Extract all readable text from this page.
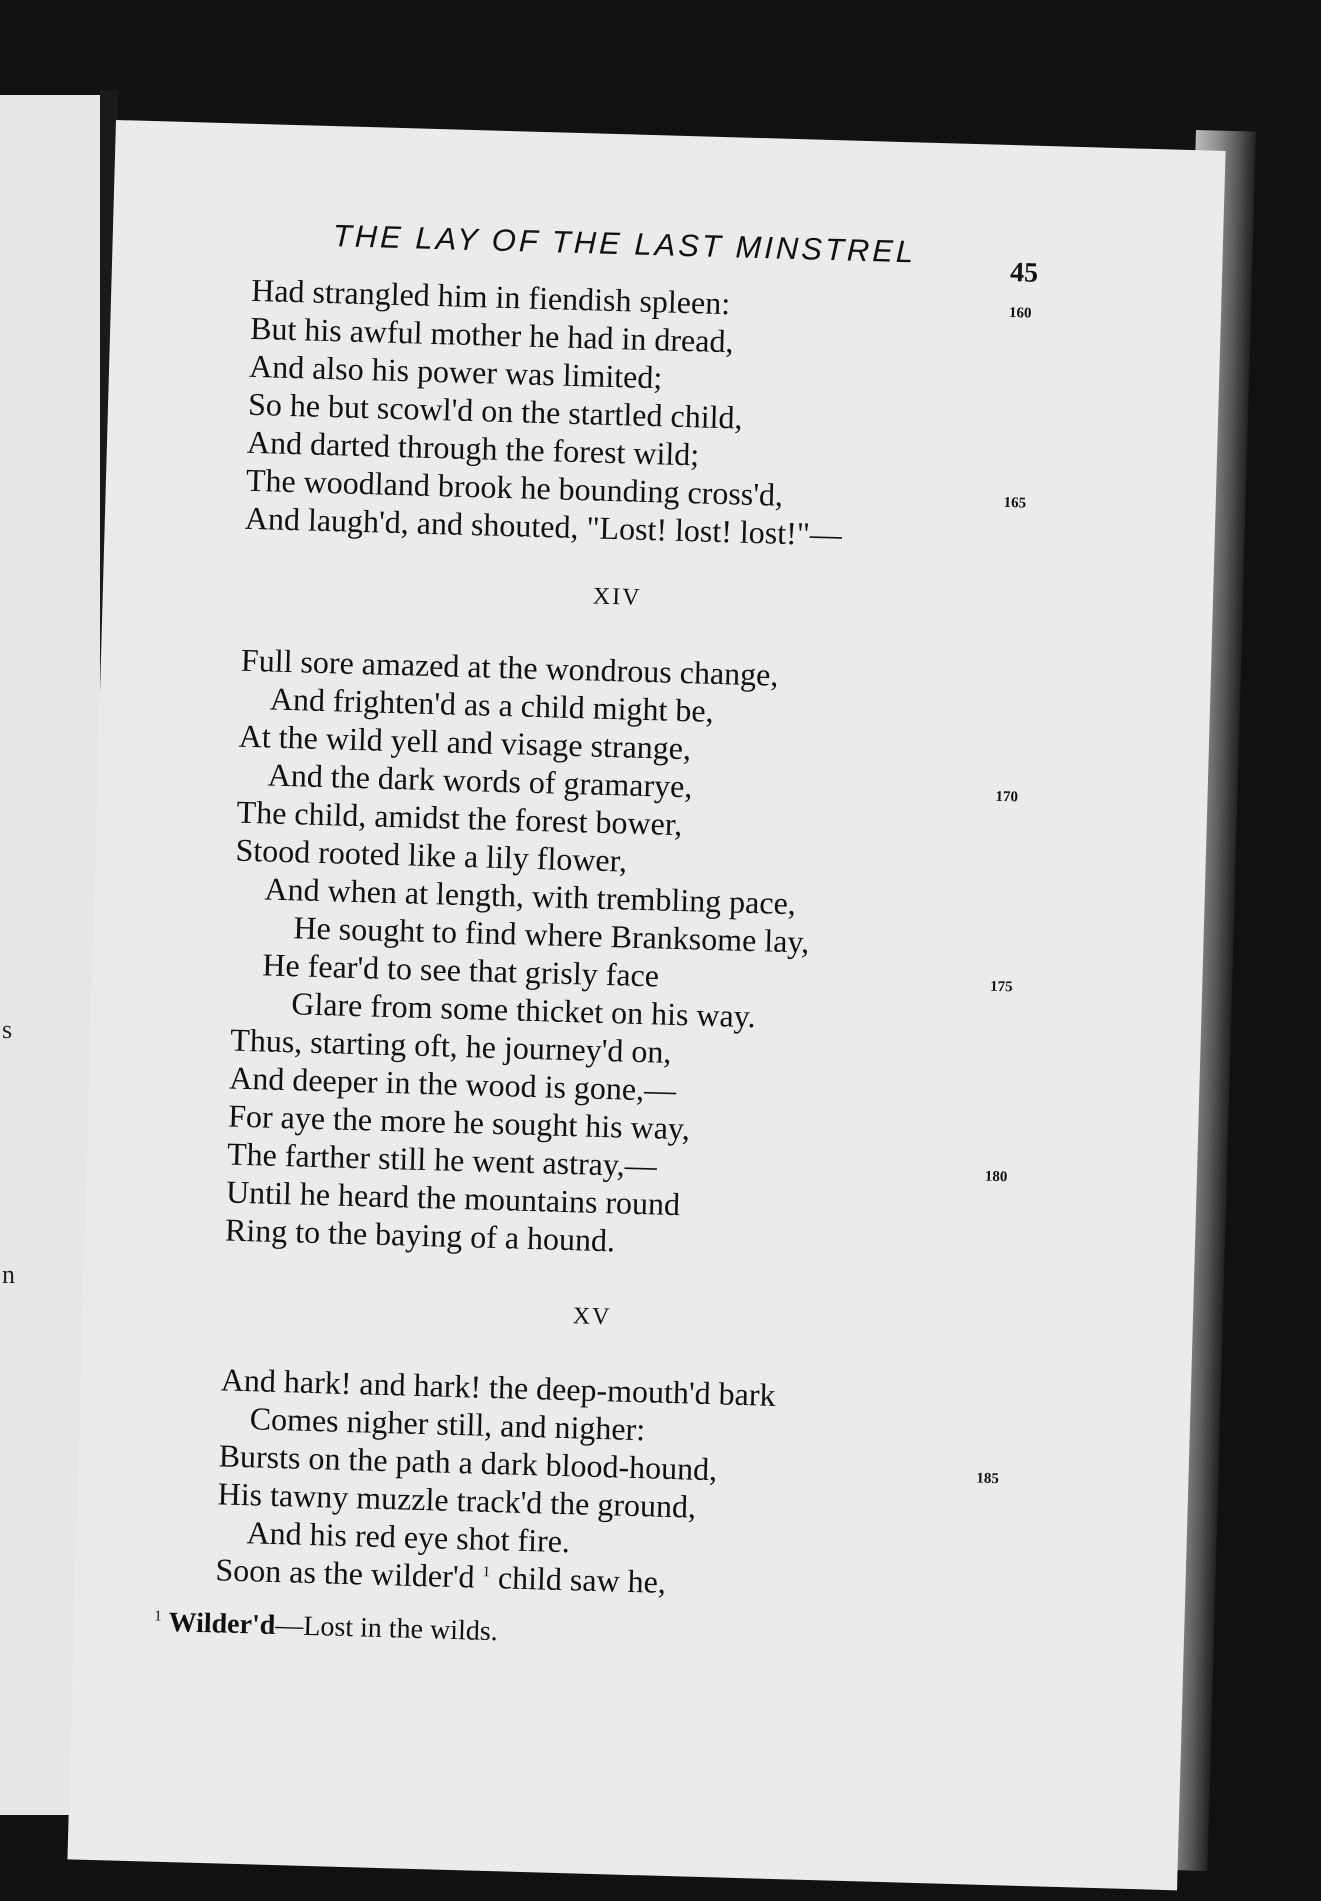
s
n
THE LAY OF THE LAST MINSTREL
45
Had strangled him in fiendish spleen:
But his awful mother he had in dread,
And also his power was limited;
So he but scowl'd on the startled child,
And darted through the forest wild;
The woodland brook he bounding cross'd,
And laugh'd, and shouted, "Lost! lost! lost!"—
160
165
XIV
Full sore amazed at the wondrous change,
And frighten'd as a child might be,
At the wild yell and visage strange,
And the dark words of gramarye,
The child, amidst the forest bower,
Stood rooted like a lily flower,
And when at length, with trembling pace,
He sought to find where Branksome lay,
He fear'd to see that grisly face
Glare from some thicket on his way.
Thus, starting oft, he journey'd on,
And deeper in the wood is gone,—
For aye the more he sought his way,
The farther still he went astray,—
Until he heard the mountains round
Ring to the baying of a hound.
170
175
180
XV
And hark! and hark! the deep-mouth'd bark
Comes nigher still, and nigher:
Bursts on the path a dark blood-hound,
His tawny muzzle track'd the ground,
And his red eye shot fire.
Soon as the wilder'd $^1$ child saw he,
185
$^1$ Wilder'd—Lost in the wilds.
